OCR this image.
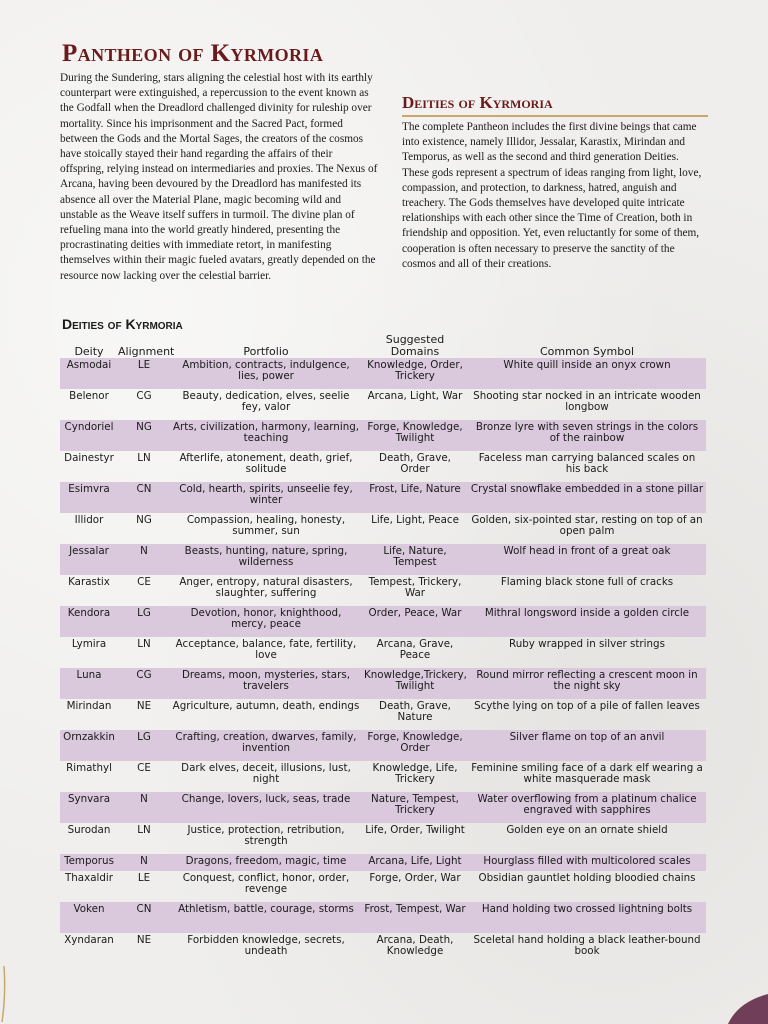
Pantheon of Kyrmoria

During the Sundering, stars aligning the celestial host with its earthly counterpart were extinguished, a repercussion to the event known as the Godfall when the Dreadlord challenged divinity for ruleship over mortality. Since his imprisonment and the Sacred Pact, formed between the Gods and the Mortal Sages, the creators of the cosmos have stoically stayed their hand regarding the affairs of their offspring, relying instead on intermediaries and proxies. The Nexus of Arcana, having been devoured by the Dreadlord has manifested its absence all over the Material Plane, magic becoming wild and unstable as the Weave itself suffers in turmoil. The divine plan of refueling mana into the world greatly hindered, presenting the procrastinating deities with immediate retort, in manifesting themselves within their magic fueled avatars, greatly depended on the resource now lacking over the celestial barrier.

Deities of Kyrmoria

The complete Pantheon includes the first divine beings that came into existence, namely Illidor, Jessalar, Karastix, Mirindan and Temporus, as well as the second and third generation Deities. These gods represent a spectrum of ideas ranging from light, love, compassion, and protection, to darkness, hatred, anguish and treachery. The Gods themselves have developed quite intricate relationships with each other since the Time of Creation, both in friendship and opposition. Yet, even reluctantly for some of them, cooperation is often necessary to preserve the sanctity of the cosmos and all of their creations.

Deities of Kyrmoria
Deity	Alignment	Portfolio	Suggested Domains	Common Symbol

Asmodai	LE	Ambition, contracts, indulgence, lies, power	Knowledge, Order, Trickery	White quill inside an onyx crown

Belenor	CG	Beauty, dedication, elves, seelie fey, valor	Arcana, Light, War	Shooting star nocked in an intricate wooden longbow

Cyndoriel	NG	Arts, civilization, harmony, learning, teaching	Forge, Knowledge, Twilight	Bronze lyre with seven strings in the colors of the rainbow

Dainestyr	LN	Afterlife, atonement, death, grief, solitude	Death, Grave, Order	Faceless man carrying balanced scales on his back

Esimvra	CN	Cold, hearth, spirits, unseelie fey, winter	Frost, Life, Nature	Crystal snowflake embedded in a stone pillar

Illidor	NG	Compassion, healing, honesty, summer, sun	Life, Light, Peace	Golden, six-pointed star, resting on top of an open palm

Jessalar	N	Beasts, hunting, nature, spring, wilderness	Life, Nature, Tempest	Wolf head in front of a great oak

Karastix	CE	Anger, entropy, natural disasters, slaughter, suffering	Tempest, Trickery, War	Flaming black stone full of cracks

Kendora	LG	Devotion, honor, knighthood, mercy, peace	Order, Peace, War	Mithral longsword inside a golden circle

Lymira	LN	Acceptance, balance, fate, fertility, love	Arcana, Grave, Peace	Ruby wrapped in silver strings

Luna	CG	Dreams, moon, mysteries, stars, travelers	Knowledge,Trickery, Twilight	Round mirror reflecting a crescent moon in the night sky

Mirindan	NE	Agriculture, autumn, death, endings	Death, Grave, Nature	Scythe lying on top of a pile of fallen leaves

Ornzakkin	LG	Crafting, creation, dwarves, family, invention	Forge, Knowledge, Order	Silver flame on top of an anvil

Rimathyl	CE	Dark elves, deceit, illusions, lust, night	Knowledge, Life, Trickery	Feminine smiling face of a dark elf wearing a white masquerade mask

Synvara	N	Change, lovers, luck, seas, trade	Nature, Tempest, Trickery	Water overflowing from a platinum chalice engraved with sapphires

Surodan	LN	Justice, protection, retribution, strength	Life, Order, Twilight	Golden eye on an ornate shield

Temporus	N	Dragons, freedom, magic, time	Arcana, Life, Light	Hourglass filled with multicolored scales

Thaxaldir	LE	Conquest, conflict, honor, order, revenge	Forge, Order, War	Obsidian gauntlet holding bloodied chains

Voken	CN	Athletism, battle, courage, storms	Frost, Tempest, War	Hand holding two crossed lightning bolts

Xyndaran	NE	Forbidden knowledge, secrets, undeath	Arcana, Death, Knowledge	Sceletal hand holding a black leather-bound book
